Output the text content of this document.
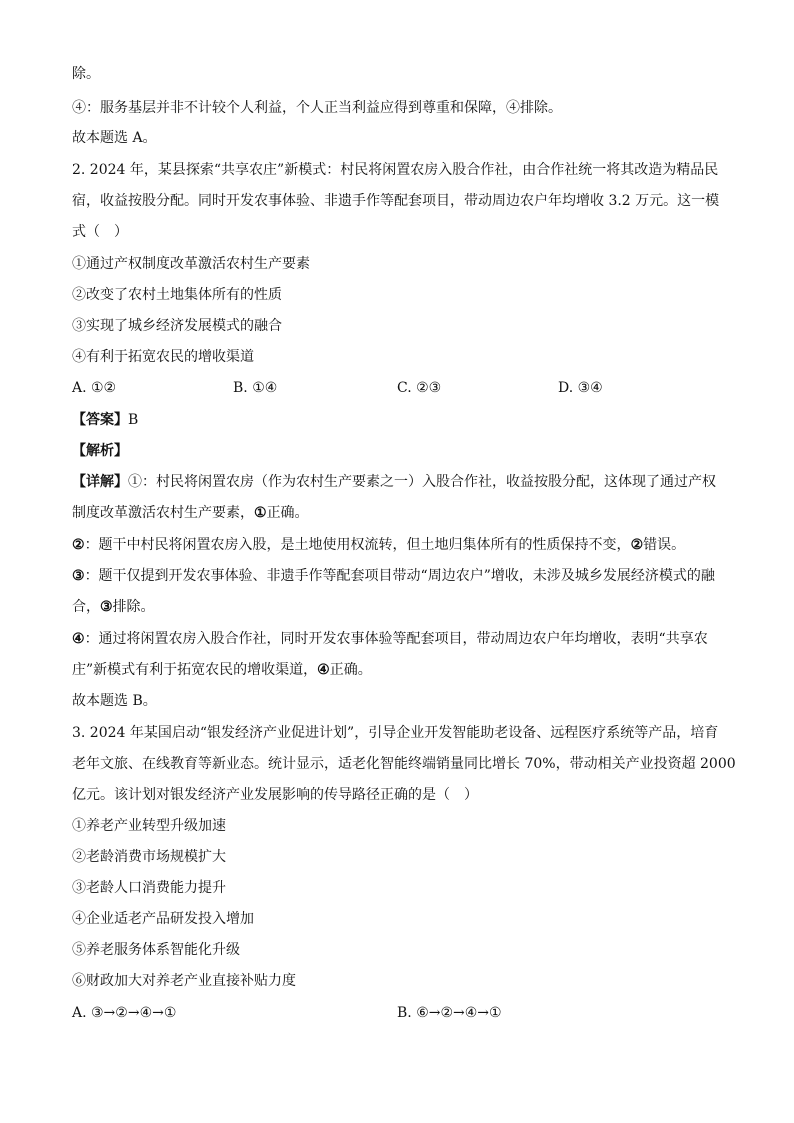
除。

④：服务基层并非不计较个人利益，个人正当利益应得到尊重和保障，④排除。

故本题选 A。

2. 2024 年，某县探索“共享农庄”新模式：村民将闲置农房入股合作社，由合作社统一将其改造为精品民

宿，收益按股分配。同时开发农事体验、非遗手作等配套项目，带动周边农户年均增收 3.2 万元。这一模

式（　）

①通过产权制度改革激活农村生产要素

②改变了农村土地集体所有的性质

③实现了城乡经济发展模式的融合

④有利于拓宽农民的增收渠道

A. ①②	B. ①④	C. ②③	D. ③④

【答案】B

【解析】

【详解】①：村民将闲置农房（作为农村生产要素之一）入股合作社，收益按股分配，这体现了通过产权

制度改革激活农村生产要素，①正确。

②：题干中村民将闲置农房入股，是土地使用权流转，但土地归集体所有的性质保持不变，②错误。

③：题干仅提到开发农事体验、非遗手作等配套项目带动“周边农户”增收，未涉及城乡发展经济模式的融

合，③排除。

④：通过将闲置农房入股合作社，同时开发农事体验等配套项目，带动周边农户年均增收，表明“共享农

庄”新模式有利于拓宽农民的增收渠道，④正确。

故本题选 B。

3. 2024 年某国启动“银发经济产业促进计划”，引导企业开发智能助老设备、远程医疗系统等产品，培育

老年文旅、在线教育等新业态。统计显示，适老化智能终端销量同比增长 70%，带动相关产业投资超 2000

亿元。该计划对银发经济产业发展影响的传导路径正确的是（　）

①养老产业转型升级加速

②老龄消费市场规模扩大

③老龄人口消费能力提升

④企业适老产品研发投入增加

⑤养老服务体系智能化升级

⑥财政加大对养老产业直接补贴力度

A. ③→②→④→①	B. ⑥→②→④→①
